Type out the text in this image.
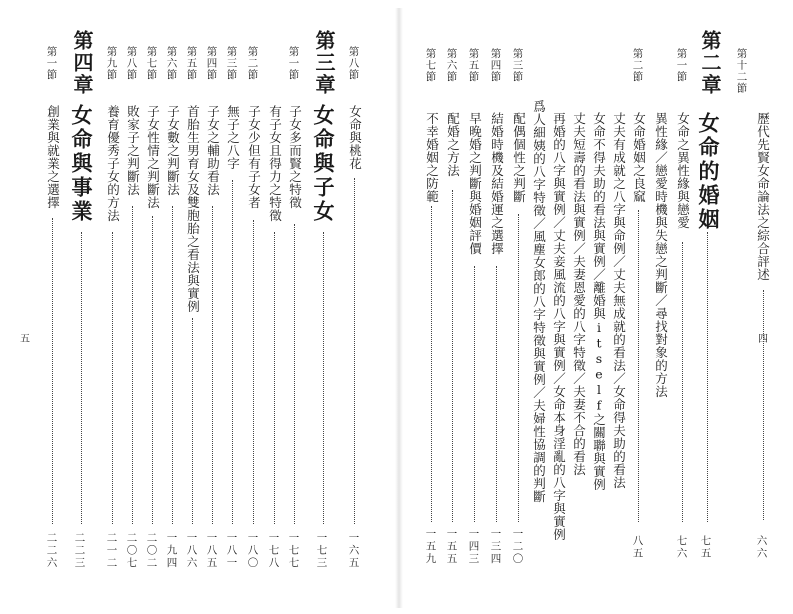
第十二節
歷代先賢女命論法之綜合評述
六六
第二章
女命的婚姻
七五
第一節
女命之異性緣與戀愛
七六
異性緣／戀愛時機與失戀之判斷／尋找對象的方法
第二節
女命婚姻之良窳
八五
丈夫有成就之八字與命例／丈夫無成就的看法／女命得夫助的看法
女命不得夫助的看法與實例／離婚與itself之關聯與實例
丈夫短壽的看法與實例／夫妻恩愛的八字特徵／夫妻不合的看法
再婚的八字與實例／丈夫妾風流的八字與實例／女命本身淫亂的八字與實例
爲人細姨的八字特徵／風塵女郎的八字特徵與實例／夫婦性協調的判斷
第三節
配偶個性之判斷
一二〇
第四節
結婚時機及結婚運之選擇
一三四
第五節
早晚婚之判斷與婚姻評價
一四三
第六節
配婚之方法
一五五
第七節
不幸婚姻之防範
一五九
四
第八節
女命與桃花
一六五
第三章
女命與子女
一七三
第一節
子女多而賢之特徵
一七七
有子女且得力之特徵
一七八
第二節
子女少但有子女者
一八〇
第三節
無子之八字
一八一
第四節
子女之輔助看法
一八五
第五節
首胎生男育女及雙胞胎之看法與實例
一八六
第六節
子女數之判斷法
一九四
第七節
子女性情之判斷法
二〇二
第八節
敗家子之判斷法
二〇七
第九節
養育優秀子女的方法
二一二
第四章
女命與事業
二二三
第一節
創業與就業之選擇
二二六
五
